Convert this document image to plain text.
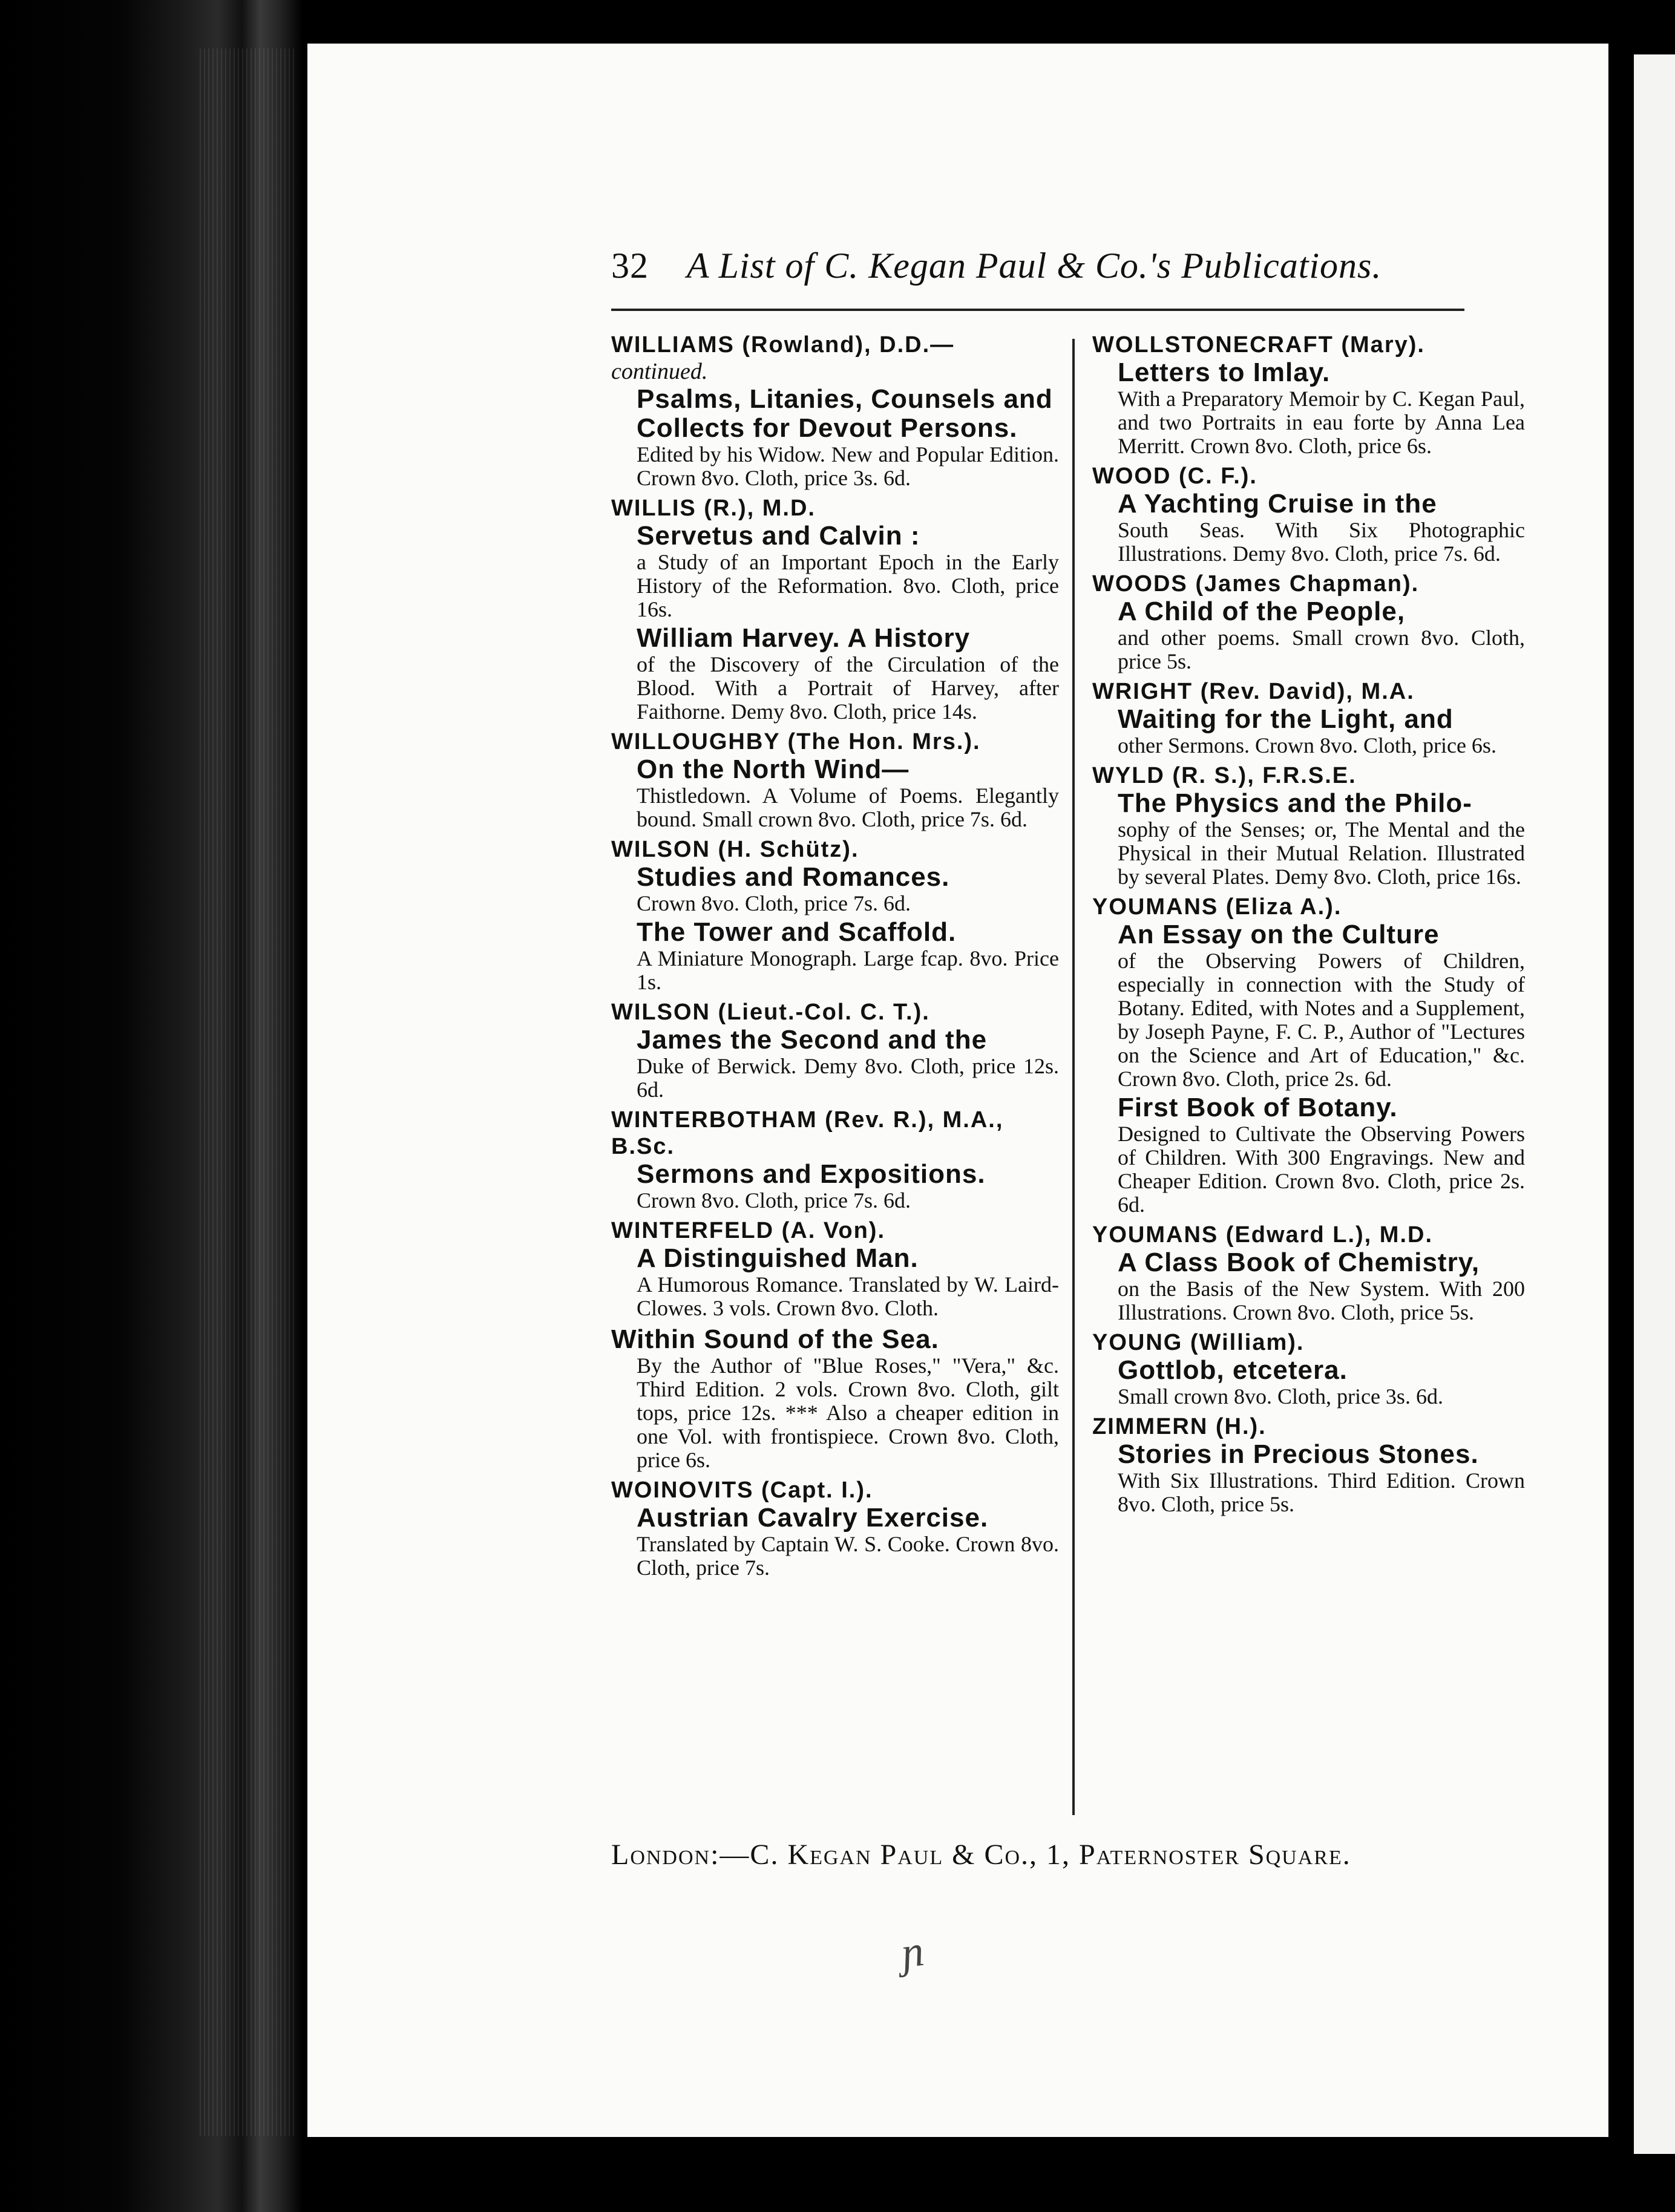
32 A List of C. Kegan Paul & Co.'s Publications.
WILLIAMS (Rowland), D.D.—
continued.
Psalms, Litanies, Counsels and Collects for Devout Persons.
Edited by his Widow. New and Popular Edition. Crown 8vo. Cloth, price 3s. 6d.
WILLIS (R.), M.D.
Servetus and Calvin :
a Study of an Important Epoch in the Early History of the Reformation. 8vo. Cloth, price 16s.
William Harvey. A History
of the Discovery of the Circulation of the Blood. With a Portrait of Harvey, after Faithorne. Demy 8vo. Cloth, price 14s.
WILLOUGHBY (The Hon. Mrs.).
On the North Wind—
Thistledown. A Volume of Poems. Elegantly bound. Small crown 8vo. Cloth, price 7s. 6d.
WILSON (H. Schütz).
Studies and Romances.
Crown 8vo. Cloth, price 7s. 6d.
The Tower and Scaffold.
A Miniature Monograph. Large fcap. 8vo. Price 1s.
WILSON (Lieut.-Col. C. T.).
James the Second and the
Duke of Berwick. Demy 8vo. Cloth, price 12s. 6d.
WINTERBOTHAM (Rev. R.), M.A., B.Sc.
Sermons and Expositions.
Crown 8vo. Cloth, price 7s. 6d.
WINTERFELD (A. Von).
A Distinguished Man.
A Humorous Romance. Translated by W. Laird-Clowes. 3 vols. Crown 8vo. Cloth.
Within Sound of the Sea.
By the Author of "Blue Roses," "Vera," &c. Third Edition. 2 vols. Crown 8vo. Cloth, gilt tops, price 12s. *** Also a cheaper edition in one Vol. with frontispiece. Crown 8vo. Cloth, price 6s.
WOINOVITS (Capt. I.).
Austrian Cavalry Exercise.
Translated by Captain W. S. Cooke. Crown 8vo. Cloth, price 7s.
WOLLSTONECRAFT (Mary).
Letters to Imlay.
With a Preparatory Memoir by C. Kegan Paul, and two Portraits in eau forte by Anna Lea Merritt. Crown 8vo. Cloth, price 6s.
WOOD (C. F.).
A Yachting Cruise in the
South Seas. With Six Photographic Illustrations. Demy 8vo. Cloth, price 7s. 6d.
WOODS (James Chapman).
A Child of the People,
and other poems. Small crown 8vo. Cloth, price 5s.
WRIGHT (Rev. David), M.A.
Waiting for the Light, and
other Sermons. Crown 8vo. Cloth, price 6s.
WYLD (R. S.), F.R.S.E.
The Physics and the Philo-
sophy of the Senses; or, The Mental and the Physical in their Mutual Relation. Illustrated by several Plates. Demy 8vo. Cloth, price 16s.
YOUMANS (Eliza A.).
An Essay on the Culture
of the Observing Powers of Children, especially in connection with the Study of Botany. Edited, with Notes and a Supplement, by Joseph Payne, F. C. P., Author of "Lectures on the Science and Art of Education," &c. Crown 8vo. Cloth, price 2s. 6d.
First Book of Botany.
Designed to Cultivate the Observing Powers of Children. With 300 Engravings. New and Cheaper Edition. Crown 8vo. Cloth, price 2s. 6d.
YOUMANS (Edward L.), M.D.
A Class Book of Chemistry,
on the Basis of the New System. With 200 Illustrations. Crown 8vo. Cloth, price 5s.
YOUNG (William).
Gottlob, etcetera.
Small crown 8vo. Cloth, price 3s. 6d.
ZIMMERN (H.).
Stories in Precious Stones.
With Six Illustrations. Third Edition. Crown 8vo. Cloth, price 5s.
London:—C. Kegan Paul & Co., 1, Paternoster Square.
ɲ
